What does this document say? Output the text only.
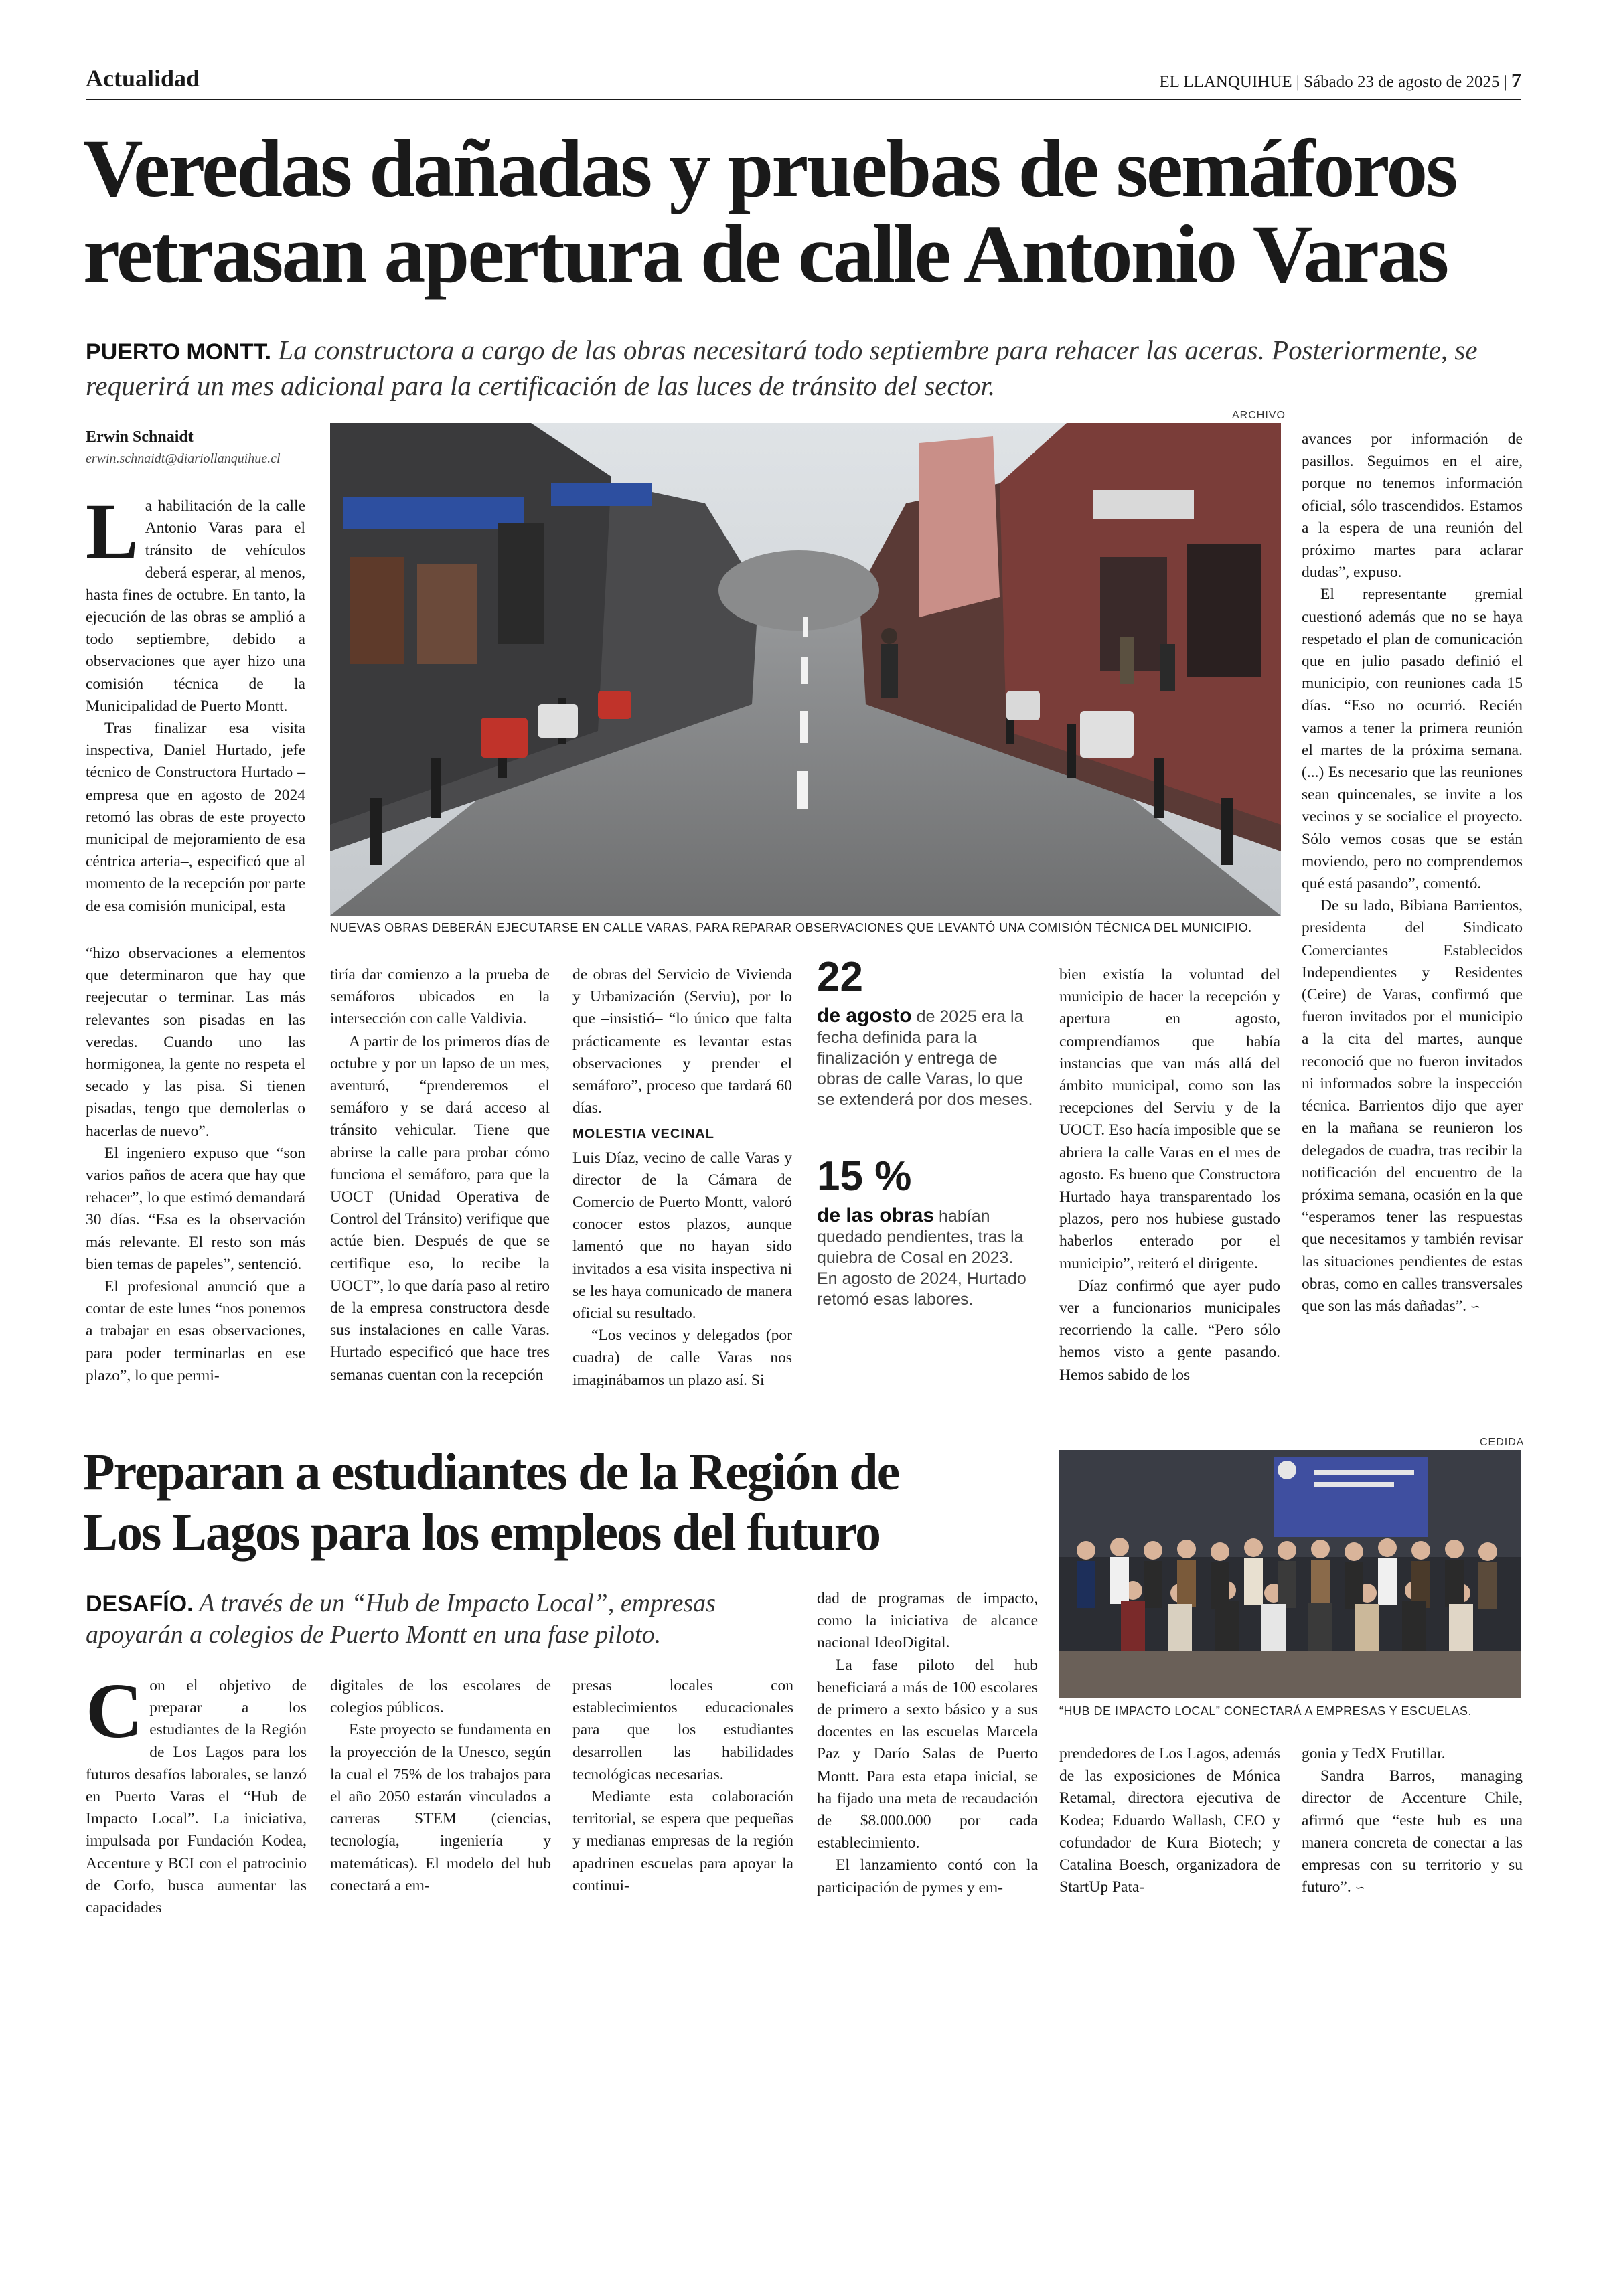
Actualidad	EL LLANQUIHUE | Sábado 23 de agosto de 2025 | 7
Veredas dañadas y pruebas de semáforos
retrasan apertura de calle Antonio Varas
PUERTO MONTT. La constructora a cargo de las obras necesitará todo septiembre para rehacer las aceras. Posteriormente, se requerirá un mes adicional para la certificación de las luces de tránsito del sector.
Erwin Schnaidt
erwin.schnaidt@diariollanquihue.cl
ARCHIVO
NUEVAS OBRAS DEBERÁN EJECUTARSE EN CALLE VARAS, PARA REPARAR OBSERVACIONES QUE LEVANTÓ UNA COMISIÓN TÉCNICA DEL MUNICIPIO.

La habilitación de la calle Antonio Varas para el tránsito de vehículos deberá esperar, al menos, hasta fines de octubre. En tanto, la ejecución de las obras se amplió a todo septiembre, debido a observaciones que ayer hizo una comisión técnica de la Municipalidad de Puerto Montt.

Tras finalizar esa visita inspectiva, Daniel Hurtado, jefe técnico de Constructora Hurtado –empresa que en agosto de 2024 retomó las obras de este proyecto municipal de mejoramiento de esa céntrica arteria–, especificó que al momento de la recepción por parte de esa comisión municipal, esta

“hizo observaciones a elementos que determinaron que hay que reejecutar o terminar. Las más relevantes son pisadas en las veredas. Cuando uno las hormigonea, la gente no respeta el secado y las pisa. Si tienen pisadas, tengo que demolerlas o hacerlas de nuevo”.

El ingeniero expuso que “son varios paños de acera que hay que rehacer”, lo que estimó demandará 30 días. “Esa es la observación más relevante. El resto son más bien temas de papeles”, sentenció.

El profesional anunció que a contar de este lunes “nos ponemos a trabajar en esas observaciones, para poder terminarlas en ese plazo”, lo que permi-

tiría dar comienzo a la prueba de semáforos ubicados en la intersección con calle Valdivia.

A partir de los primeros días de octubre y por un lapso de un mes, aventuró, “prenderemos el semáforo y se dará acceso al tránsito vehicular. Tiene que abrirse la calle para probar cómo funciona el semáforo, para que la UOCT (Unidad Operativa de Control del Tránsito) verifique que actúe bien. Después de que se certifique eso, lo recibe la UOCT”, lo que daría paso al retiro de la empresa constructora desde sus instalaciones en calle Varas. Hurtado especificó que hace tres semanas cuentan con la recepción

de obras del Servicio de Vivienda y Urbanización (Serviu), por lo que –insistió– “lo único que falta prácticamente es levantar estas observaciones y prender el semáforo”, proceso que tardará 60 días.

MOLESTIA VECINAL

Luis Díaz, vecino de calle Varas y director de la Cámara de Comercio de Puerto Montt, valoró conocer estos plazos, aunque lamentó que no hayan sido invitados a esa visita inspectiva ni se les haya comunicado de manera oficial su resultado.

“Los vecinos y delegados (por cuadra) de calle Varas nos imaginábamos un plazo así. Si

22
de agosto de 2025 era la fecha definida para la finalización y entrega de obras de calle Varas, lo que se extenderá por dos meses.
15 %
de las obras habían quedado pendientes, tras la quiebra de Cosal en 2023. En agosto de 2024, Hurtado retomó esas labores.

bien existía la voluntad del municipio de hacer la recepción y apertura en agosto, comprendíamos que había instancias que van más allá del ámbito municipal, como son las recepciones del Serviu y de la UOCT. Eso hacía imposible que se abriera la calle Varas en el mes de agosto. Es bueno que Constructora Hurtado haya transparentado los plazos, pero nos hubiese gustado haberlos enterado por el municipio”, reiteró el dirigente.

Díaz confirmó que ayer pudo ver a funcionarios municipales recorriendo la calle. “Pero sólo hemos visto a gente pasando. Hemos sabido de los

avances por información de pasillos. Seguimos en el aire, porque no tenemos información oficial, sólo trascendidos. Estamos a la espera de una reunión del próximo martes para aclarar dudas”, expuso.

El representante gremial cuestionó además que no se haya respetado el plan de comunicación que en julio pasado definió el municipio, con reuniones cada 15 días. “Eso no ocurrió. Recién vamos a tener la primera reunión el martes de la próxima semana. (...) Es necesario que las reuniones sean quincenales, se invite a los vecinos y se socialice el proyecto. Sólo vemos cosas que se están moviendo, pero no comprendemos qué está pasando”, comentó.

De su lado, Bibiana Barrientos, presidenta del Sindicato Comerciantes Establecidos Independientes y Residentes (Ceire) de Varas, confirmó que fueron invitados por el municipio a la cita del martes, aunque reconoció que no fueron invitados ni informados sobre la inspección técnica. Barrientos dijo que ayer en la mañana se reunieron los delegados de cuadra, tras recibir la notificación del encuentro de la próxima semana, ocasión en la que “esperamos tener las respuestas que necesitamos y también revisar las situaciones pendientes de estas obras, como en calles transversales que son las más dañadas”. ∽

Preparan a estudiantes de la Región de
Los Lagos para los empleos del futuro
DESAFÍO. A través de un “Hub de Impacto Local”, empresas apoyarán a colegios de Puerto Montt en una fase piloto.
CEDIDA
“HUB DE IMPACTO LOCAL” CONECTARÁ A EMPRESAS Y ESCUELAS.

Con el objetivo de preparar a los estudiantes de la Región de Los Lagos para los futuros desafíos laborales, se lanzó en Puerto Varas el “Hub de Impacto Local”. La iniciativa, impulsada por Fundación Kodea, Accenture y BCI con el patrocinio de Corfo, busca aumentar las capacidades

digitales de los escolares de colegios públicos.

Este proyecto se fundamenta en la proyección de la Unesco, según la cual el 75% de los trabajos para el año 2050 estarán vinculados a carreras STEM (ciencias, tecnología, ingeniería y matemáticas). El modelo del hub conectará a em-

presas locales con establecimientos educacionales para que los estudiantes desarrollen las habilidades tecnológicas necesarias.

Mediante esta colaboración territorial, se espera que pequeñas y medianas empresas de la región apadrinen escuelas para apoyar la continui-

dad de programas de impacto, como la iniciativa de alcance nacional IdeoDigital.

La fase piloto del hub beneficiará a más de 100 escolares de primero a sexto básico y a sus docentes en las escuelas Marcela Paz y Darío Salas de Puerto Montt. Para esta etapa inicial, se ha fijado una meta de recaudación de $8.000.000 por cada establecimiento.

El lanzamiento contó con la participación de pymes y em-

prendedores de Los Lagos, además de las exposiciones de Mónica Retamal, directora ejecutiva de Kodea; Eduardo Wallash, CEO y cofundador de Kura Biotech; y Catalina Boesch, organizadora de StartUp Pata-

gonia y TedX Frutillar.

Sandra Barros, managing director de Accenture Chile, afirmó que “este hub es una manera concreta de conectar a las empresas con su territorio y su futuro”. ∽
